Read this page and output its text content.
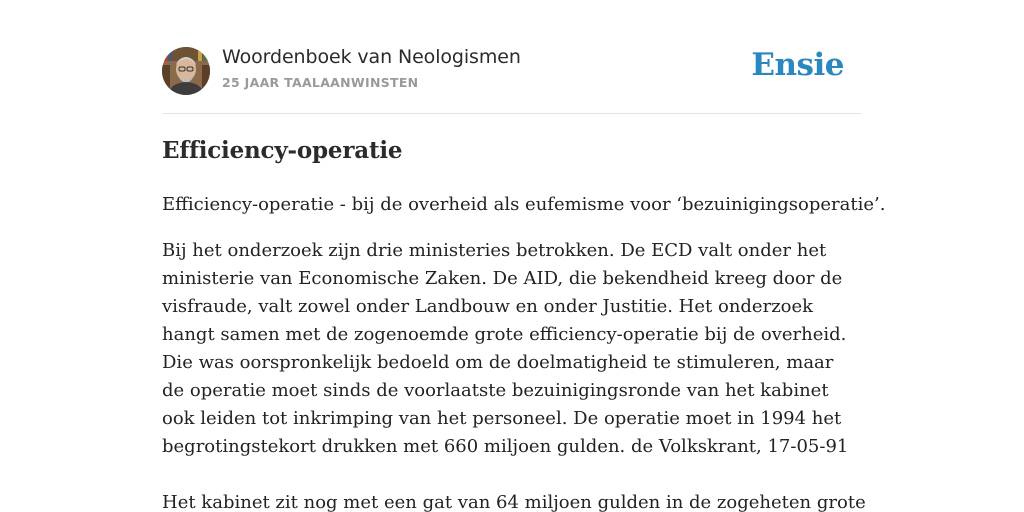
Woordenboek van Neologismen
25 JAAR TAALAANWINSTEN	Ensie
Efficiency-operatie

Efficiency-operatie - bij de overheid als eufemisme voor ‘bezuinigingsoperatie’.

Bij het onderzoek zijn drie ministeries betrokken. De ECD valt onder het ministerie van Economische Zaken. De AID, die bekendheid kreeg door de visfraude, valt zowel onder Landbouw en onder Justitie. Het onderzoek hangt samen met de zogenoemde grote efficiency-operatie bij de overheid. Die was oorspronkelijk bedoeld om de doelmatigheid te stimuleren, maar de operatie moet sinds de voorlaatste bezuinigingsronde van het kabinet ook leiden tot inkrimping van het personeel. De operatie moet in 1994 het begrotingstekort drukken met 660 miljoen gulden. de Volkskrant, 17-05-91

Het kabinet zit nog met een gat van 64 miljoen gulden in de zogeheten grote
